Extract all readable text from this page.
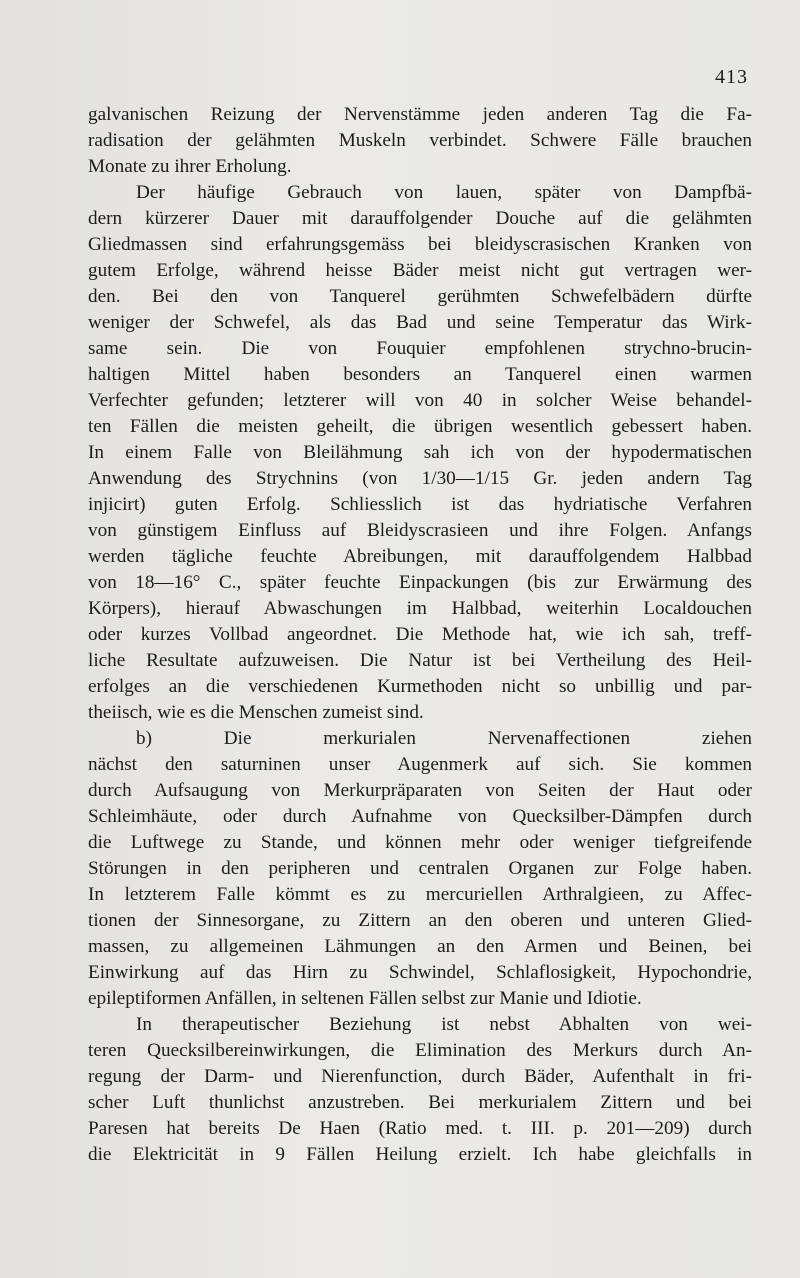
413
galvanischen Reizung der Nervenstämme jeden anderen Tag die Fa-
radisation der gelähmten Muskeln verbindet. Schwere Fälle brauchen
Monate zu ihrer Erholung.
Der häufige Gebrauch von lauen, später von Dampfbä-
dern kürzerer Dauer mit darauffolgender Douche auf die gelähmten
Gliedmassen sind erfahrungsgemäss bei bleidyscrasischen Kranken von
gutem Erfolge, während heisse Bäder meist nicht gut vertragen wer-
den. Bei den von Tanquerel gerühmten Schwefelbädern dürfte
weniger der Schwefel, als das Bad und seine Temperatur das Wirk-
same sein. Die von Fouquier empfohlenen strychno-brucin-
haltigen Mittel haben besonders an Tanquerel einen warmen
Verfechter gefunden; letzterer will von 40 in solcher Weise behandel-
ten Fällen die meisten geheilt, die übrigen wesentlich gebessert haben.
In einem Falle von Bleilähmung sah ich von der hypodermatischen
Anwendung des Strychnins (von 1/30—1/15 Gr. jeden andern Tag
injicirt) guten Erfolg. Schliesslich ist das hydriatische Verfahren
von günstigem Einfluss auf Bleidyscrasieen und ihre Folgen. Anfangs
werden tägliche feuchte Abreibungen, mit darauffolgendem Halbbad
von 18—16° C., später feuchte Einpackungen (bis zur Erwärmung des
Körpers), hierauf Abwaschungen im Halbbad, weiterhin Localdouchen
oder kurzes Vollbad angeordnet. Die Methode hat, wie ich sah, treff-
liche Resultate aufzuweisen. Die Natur ist bei Vertheilung des Heil-
erfolges an die verschiedenen Kurmethoden nicht so unbillig und par-
theiisch, wie es die Menschen zumeist sind.
b) Die merkurialen Nervenaffectionen ziehen
nächst den saturninen unser Augenmerk auf sich. Sie kommen
durch Aufsaugung von Merkurpräparaten von Seiten der Haut oder
Schleimhäute, oder durch Aufnahme von Quecksilber-Dämpfen durch
die Luftwege zu Stande, und können mehr oder weniger tiefgreifende
Störungen in den peripheren und centralen Organen zur Folge haben.
In letzterem Falle kömmt es zu mercuriellen Arthralgieen, zu Affec-
tionen der Sinnesorgane, zu Zittern an den oberen und unteren Glied-
massen, zu allgemeinen Lähmungen an den Armen und Beinen, bei
Einwirkung auf das Hirn zu Schwindel, Schlaflosigkeit, Hypochondrie,
epileptiformen Anfällen, in seltenen Fällen selbst zur Manie und Idiotie.
In therapeutischer Beziehung ist nebst Abhalten von wei-
teren Quecksilbereinwirkungen, die Elimination des Merkurs durch An-
regung der Darm- und Nierenfunction, durch Bäder, Aufenthalt in fri-
scher Luft thunlichst anzustreben. Bei merkurialem Zittern und bei
Paresen hat bereits De Haen (Ratio med. t. III. p. 201—209) durch
die Elektricität in 9 Fällen Heilung erzielt. Ich habe gleichfalls in
